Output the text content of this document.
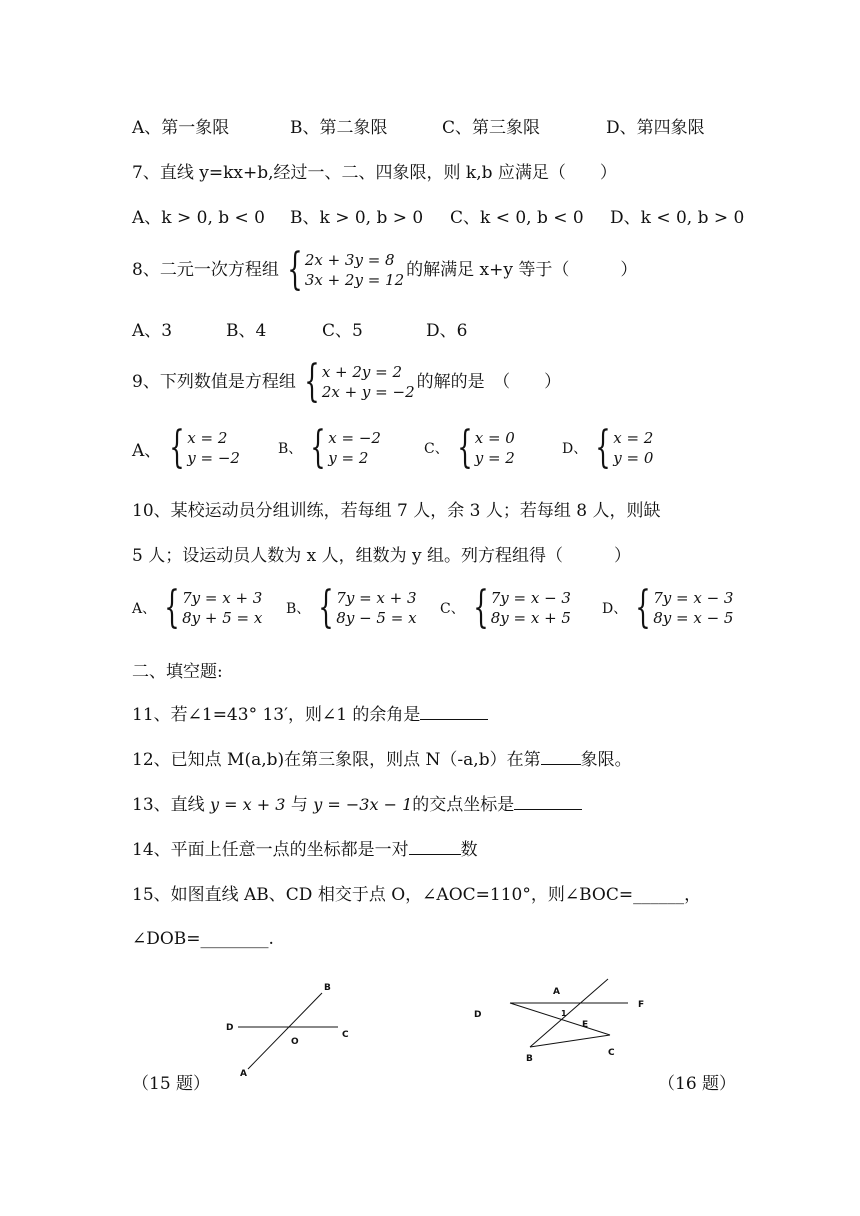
A、第一象限	B、第二象限	C、第三象限	D、第四象限
7、直线 y=kx+b,经过一、二、四象限，则 k,b 应满足（　　）
A、k > 0, b < 0 B、k > 0, b > 0 C、k < 0, b < 0 D、k < 0, b > 0
8、二元一次方程组 { 2x + 3y = 8
3x + 2y = 12 的解满足 x+y 等于（　　　）
A、3	B、4	C、5	D、6
9、下列数值是方程组 { x + 2y = 2
2x + y = −2 的解的是　（　　）
A、 { x = 2
y = −2	B、 { x = −2
y = 2	C、 { x = 0
y = 2	D、 { x = 2
y = 0
10、某校运动员分组训练，若每组 7 人，余 3 人；若每组 8 人，则缺
5 人；设运动员人数为 x 人，组数为 y 组。列方程组得（　　　）
A、 { 7y = x + 3
8y + 5 = x B、 { 7y = x + 3
8y − 5 = x C、 { 7y = x − 3
8y = x + 5 D、 { 7y = x − 3
8y = x − 5
二、填空题:
11、若∠1=43° 13′，则∠1 的余角是
12、已知点 M(a,b)在第三象限，则点 N（-a,b）在第 象限。
13、直线 y = x + 3 与 y = −3x − 1的交点坐标是
14、平面上任意一点的坐标都是一对	数
15、如图直线 AB、CD 相交于点 O，∠AOC=110°，则∠BOC=______，
∠DOB=________.
B
D
C
O
A
A
F
D	1
E
B
C
（15 题）	（16 题）
